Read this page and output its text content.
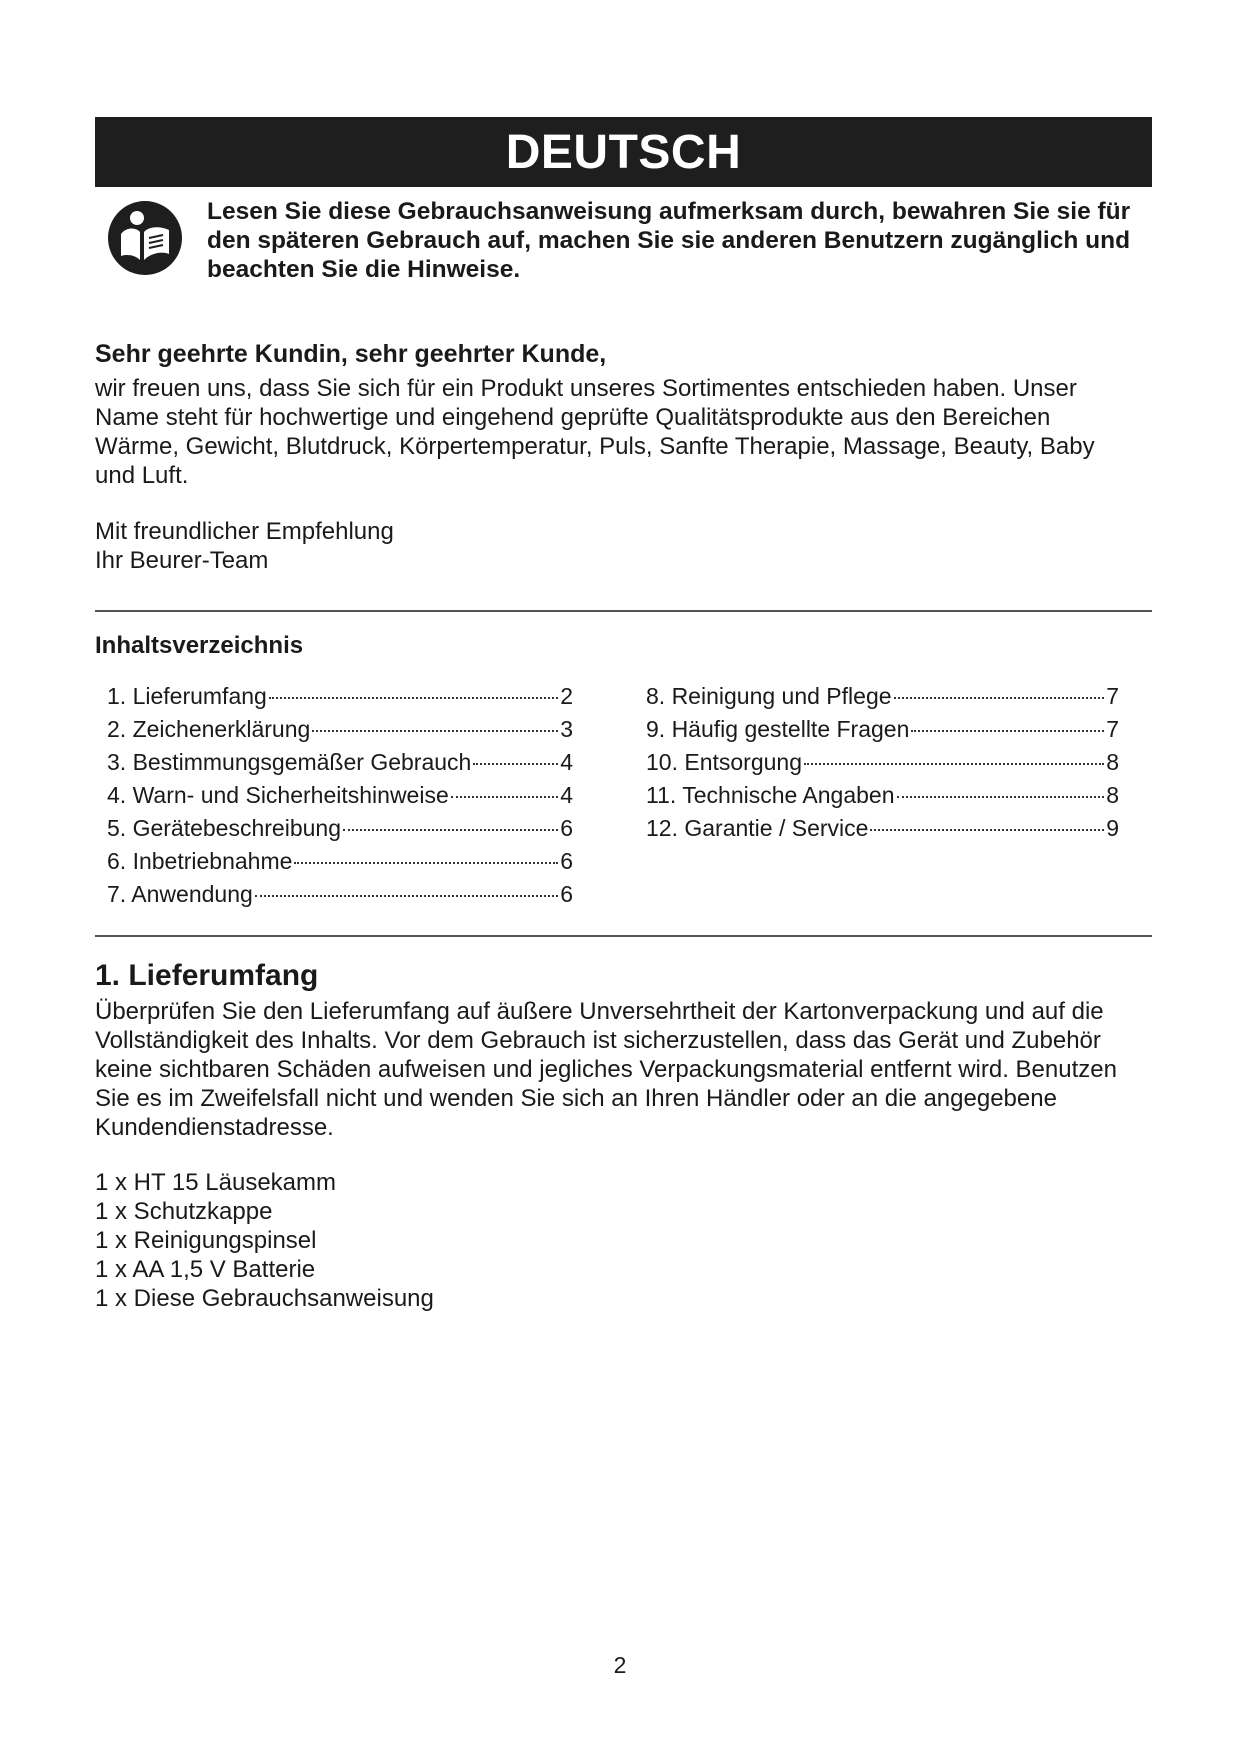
DEUTSCH
Lesen Sie diese Gebrauchsanweisung aufmerksam durch, bewahren Sie sie für den späteren Gebrauch auf, machen Sie sie anderen Benutzern zugänglich und beachten Sie die Hinweise.
Sehr geehrte Kundin, sehr geehrter Kunde,
wir freuen uns, dass Sie sich für ein Produkt unseres Sortimentes entschieden haben. Unser Name steht für hochwertige und eingehend geprüfte Qualitätsprodukte aus den Bereichen Wärme, Gewicht, Blutdruck, Körpertemperatur, Puls, Sanfte Therapie, Massage, Beauty, Baby und Luft.
Mit freundlicher Empfehlung
Ihr Beurer-Team
Inhaltsverzeichnis
1. Lieferumfang	2
2. Zeichenerklärung	3
3. Bestimmungsgemäßer Gebrauch	4
4. Warn- und Sicherheitshinweise	4
5. Gerätebeschreibung	6
6. Inbetriebnahme	6
7. Anwendung	6
8. Reinigung und Pflege	7
9. Häufig gestellte Fragen	7
10. Entsorgung	8
11. Technische Angaben	8
12. Garantie / Service	9
1. Lieferumfang
Überprüfen Sie den Lieferumfang auf äußere Unversehrtheit der Kartonverpackung und auf die Vollständigkeit des Inhalts. Vor dem Gebrauch ist sicherzustellen, dass das Gerät und Zubehör keine sichtbaren Schäden aufweisen und jegliches Verpackungsmaterial entfernt wird. Benutzen Sie es im Zweifelsfall nicht und wenden Sie sich an Ihren Händler oder an die angegebene Kundendienstadresse.
1 x HT 15 Läusekamm
1 x Schutzkappe
1 x Reinigungspinsel
1 x AA 1,5 V Batterie
1 x Diese Gebrauchsanweisung
2
